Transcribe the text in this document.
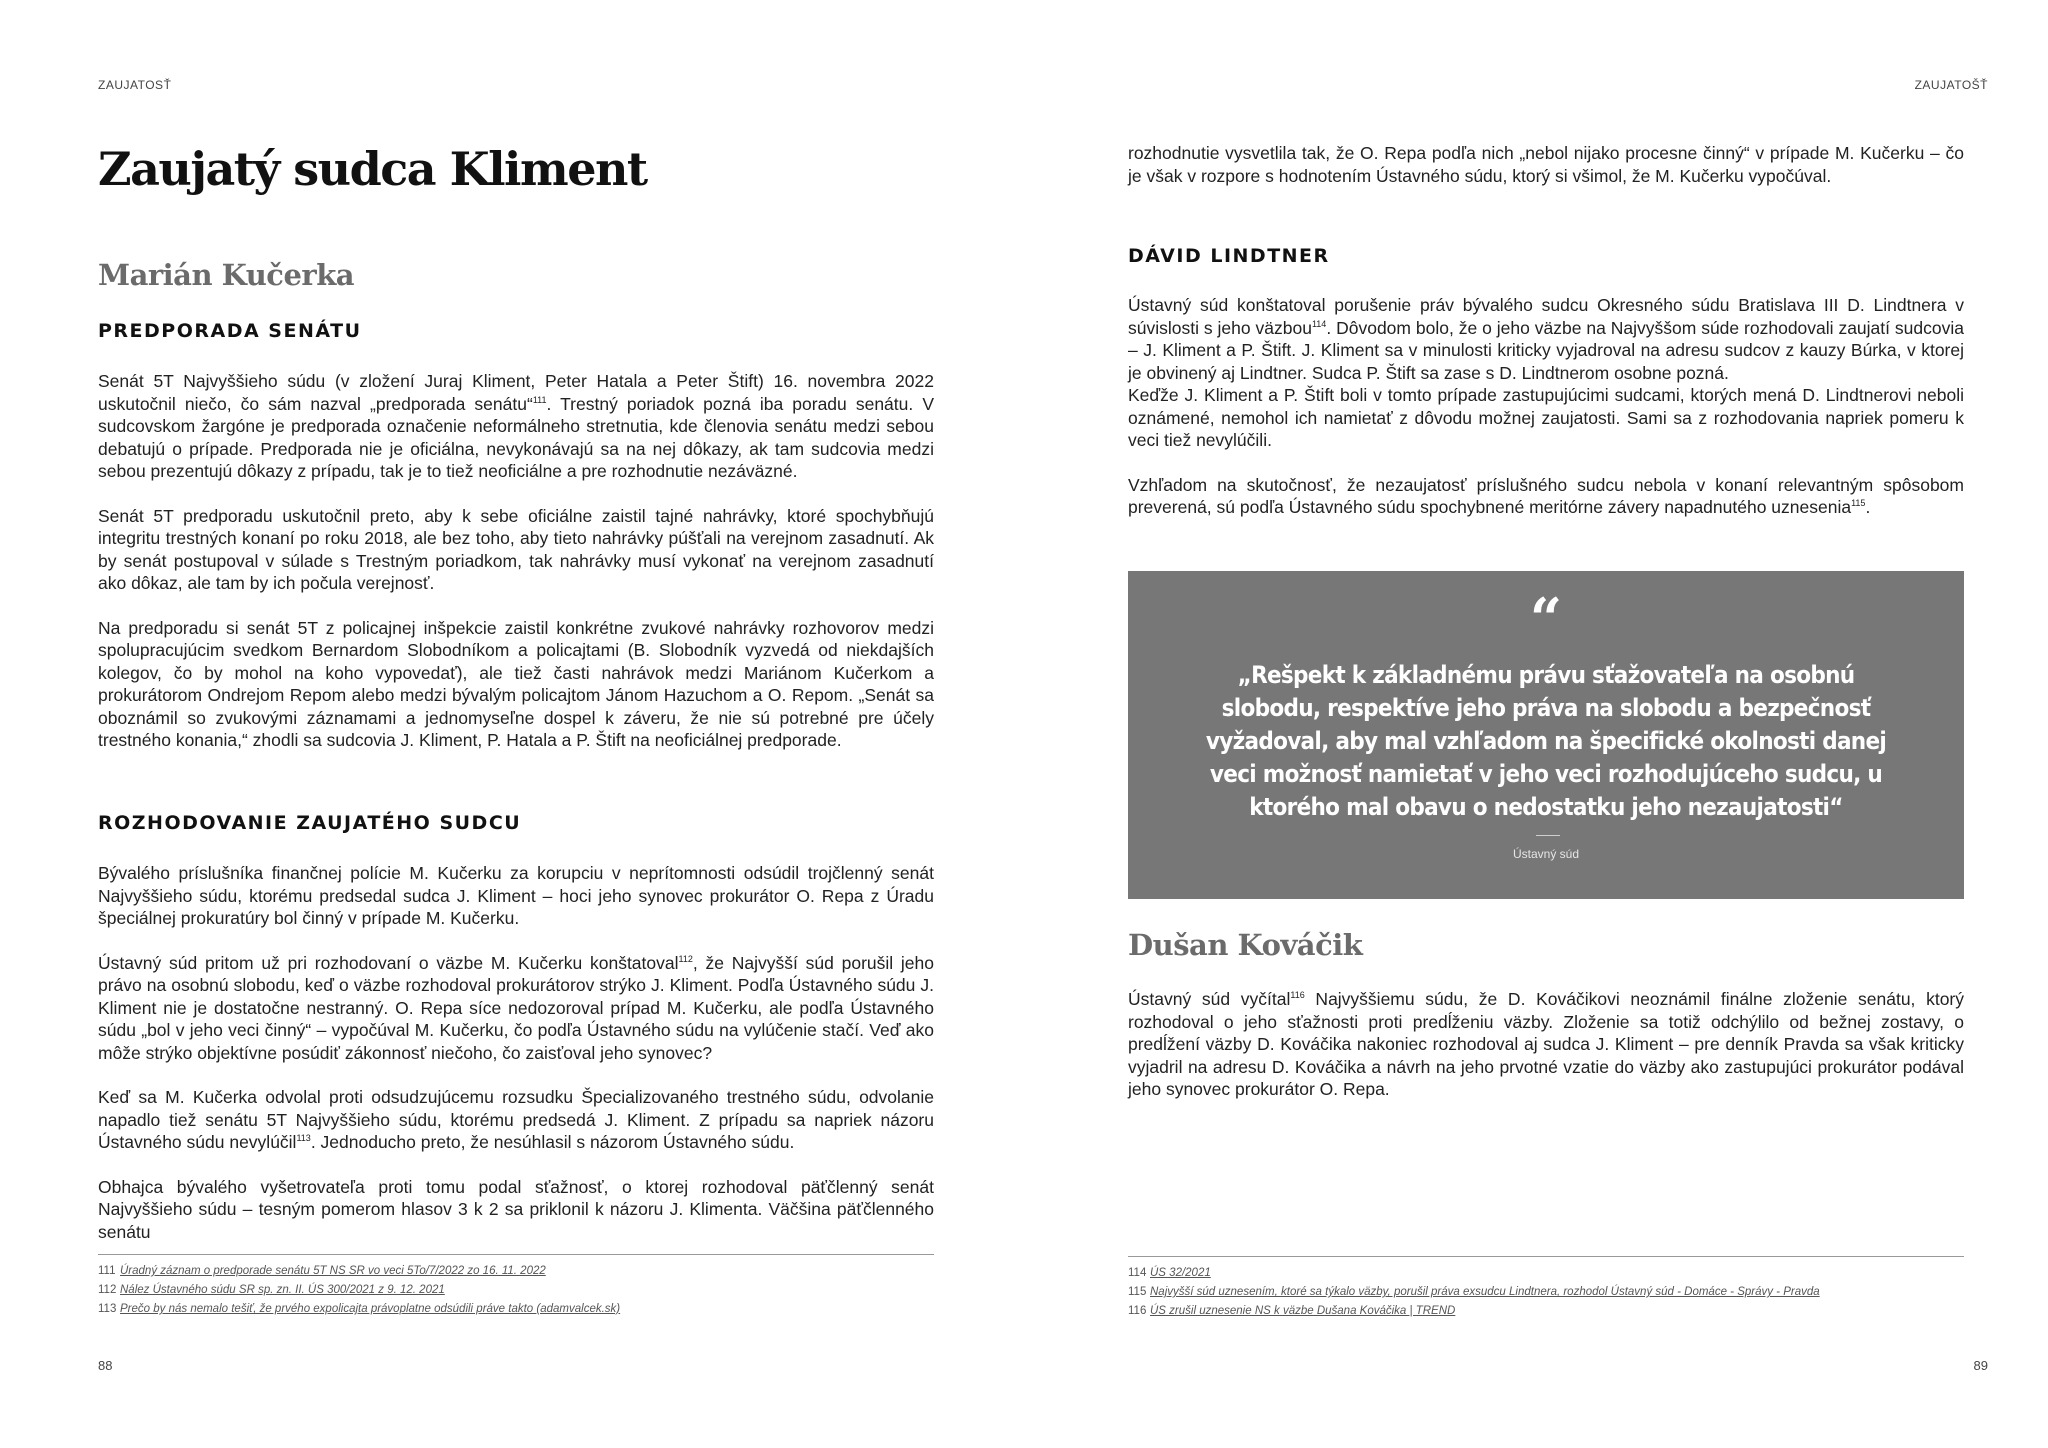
ZAUJATOSŤ
Zaujatý sudca Kliment
Marián Kučerka
PREDPORADA SENÁTU

Senát 5T Najvyššieho súdu (v zložení Juraj Kliment, Peter Hatala a Peter Štift) 16. novembra 2022 uskutočnil niečo, čo sám nazval „predporada senátu“$^{111}$. Trestný poriadok pozná iba poradu senátu. V sudcovskom žargóne je predporada označenie neformálneho stretnutia, kde členovia senátu medzi sebou debatujú o prípade. Predporada nie je oficiálna, nevykonávajú sa na nej dôkazy, ak tam sudcovia medzi sebou prezentujú dôkazy z prípadu, tak je to tiež neoficiálne a pre rozhodnutie nezáväzné.

Senát 5T predporadu uskutočnil preto, aby k sebe oficiálne zaistil tajné nahrávky, ktoré spochybňujú integritu trestných konaní po roku 2018, ale bez toho, aby tieto nahrávky púšťali na verejnom zasadnutí. Ak by senát postupoval v súlade s Trestným poriadkom, tak nahrávky musí vykonať na verejnom zasadnutí ako dôkaz, ale tam by ich počula verejnosť.

Na predporadu si senát 5T z policajnej inšpekcie zaistil konkrétne zvukové nahrávky rozhovorov medzi spolupracujúcim svedkom Bernardom Slobodníkom a policajtami (B. Slobodník vyzvedá od niekdajších kolegov, čo by mohol na koho vypovedať), ale tiež časti nahrávok medzi Mariánom Kučerkom a prokurátorom Ondrejom Repom alebo medzi bývalým policajtom Jánom Hazuchom a O. Repom. „Senát sa oboznámil so zvukovými záznamami a jednomyseľne dospel k záveru, že nie sú potrebné pre účely trestného konania,“ zhodli sa sudcovia J. Kliment, P. Hatala a P. Štift na neoficiálnej predporade.

ROZHODOVANIE ZAUJATÉHO SUDCU

Bývalého príslušníka finančnej polície M. Kučerku za korupciu v neprítomnosti odsúdil trojčlenný senát Najvyššieho súdu, ktorému predsedal sudca J. Kliment – hoci jeho synovec prokurátor O. Repa z Úradu špeciálnej prokuratúry bol činný v prípade M. Kučerku.

Ústavný súd pritom už pri rozhodovaní o väzbe M. Kučerku konštatoval$^{112}$, že Najvyšší súd porušil jeho právo na osobnú slobodu, keď o väzbe rozhodoval prokurátorov strýko J. Kliment. Podľa Ústavného súdu J. Kliment nie je dostatočne nestranný. O. Repa síce nedozoroval prípad M. Kučerku, ale podľa Ústavného súdu „bol v jeho veci činný“ – vypočúval M. Kučerku, čo podľa Ústavného súdu na vylúčenie stačí. Veď ako môže strýko objektívne posúdiť zákonnosť niečoho, čo zaisťoval jeho synovec?

Keď sa M. Kučerka odvolal proti odsudzujúcemu rozsudku Špecializovaného trestného súdu, odvolanie napadlo tiež senátu 5T Najvyššieho súdu, ktorému predsedá J. Kliment. Z prípadu sa napriek názoru Ústavného súdu nevylúčil$^{113}$. Jednoducho preto, že nesúhlasil s názorom Ústavného súdu.

Obhajca bývalého vyšetrovateľa proti tomu podal sťažnosť, o ktorej rozhodoval päťčlenný senát Najvyššieho súdu – tesným pomerom hlasov 3 k 2 sa priklonil k názoru J. Klimenta. Väčšina päťčlenného senátu

111 Úradný záznam o predporade senátu 5T NS SR vo veci 5To/7/2022 zo 16. 11. 2022
112 Nález Ústavného súdu SR sp. zn. II. ÚS 300/2021 z 9. 12. 2021
113 Prečo by nás nemalo tešiť, že prvého expolicajta právoplatne odsúdili práve takto (adamvalcek.sk)
88
ZAUJATOŠŤ

rozhodnutie vysvetlila tak, že O. Repa podľa nich „nebol nijako procesne činný“ v prípade M. Kučerku – čo je však v rozpore s hodnotením Ústavného súdu, ktorý si všimol, že M. Kučerku vypočúval.

DÁVID LINDTNER

Ústavný súd konštatoval porušenie práv bývalého sudcu Okresného súdu Bratislava III D. Lindtnera v súvislosti s jeho väzbou$^{114}$. Dôvodom bolo, že o jeho väzbe na Najvyššom súde rozhodovali zaujatí sudcovia – J. Kliment a P. Štift. J. Kliment sa v minulosti kriticky vyjadroval na adresu sudcov z kauzy Búrka, v ktorej je obvinený aj Lindtner. Sudca P. Štift sa zase s D. Lindtnerom osobne pozná.

Keďže J. Kliment a P. Štift boli v tomto prípade zastupujúcimi sudcami, ktorých mená D. Lindtnerovi neboli oznámené, nemohol ich namietať z dôvodu možnej zaujatosti. Sami sa z rozhodovania napriek pomeru k veci tiež nevylúčili.

Vzhľadom na skutočnosť, že nezaujatosť príslušného sudcu nebola v konaní relevantným spôsobom preverená, sú podľa Ústavného súdu spochybnené meritórne závery napadnutého uznesenia$^{115}$.

“
„Rešpekt k základnému právu sťažovateľa na osobnú slobodu, respektíve jeho práva na slobodu a bezpečnosť vyžadoval, aby mal vzhľadom na špecifické okolnosti danej veci možnosť namietať v jeho veci rozhodujúceho sudcu, u ktorého mal obavu o nedostatku jeho nezaujatosti“
Ústavný súd
Dušan Kováčik

Ústavný súd vyčítal$^{116}$ Najvyššiemu súdu, že D. Kováčikovi neoznámil finálne zloženie senátu, ktorý rozhodoval o jeho sťažnosti proti predĺženiu väzby. Zloženie sa totiž odchýlilo od bežnej zostavy, o predĺžení väzby D. Kováčika nakoniec rozhodoval aj sudca J. Kliment – pre denník Pravda sa však kriticky vyjadril na adresu D. Kováčika a návrh na jeho prvotné vzatie do väzby ako zastupujúci prokurátor podával jeho synovec prokurátor O. Repa.

114 ÚS 32/2021
115 Najvyšší súd uznesením, ktoré sa týkalo väzby, porušil práva exsudcu Lindtnera, rozhodol Ústavný súd - Domáce - Správy - Pravda
116 ÚS zrušil uznesenie NS k väzbe Dušana Kováčika | TREND
89
